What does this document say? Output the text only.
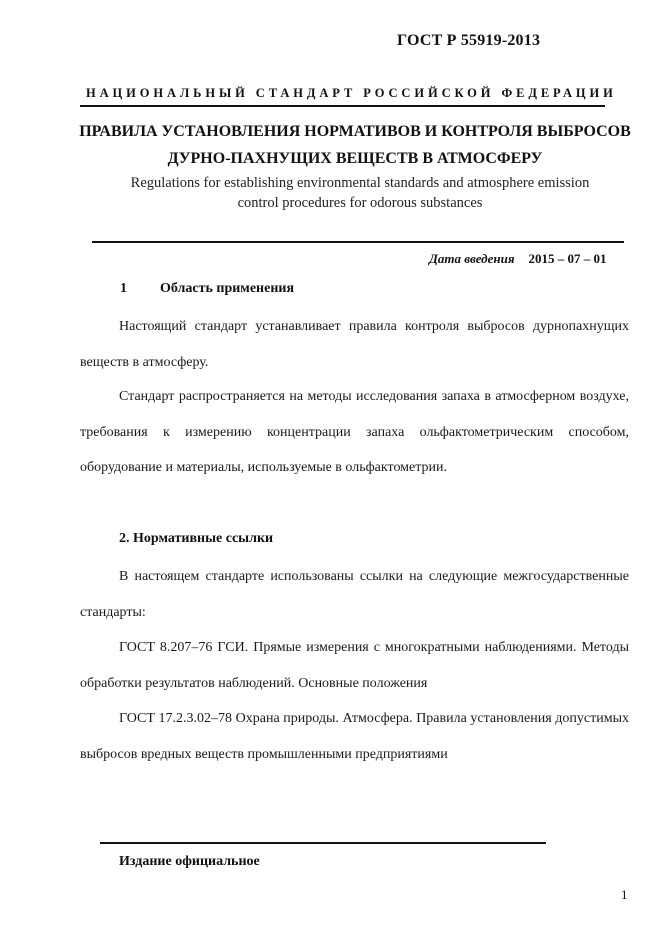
ГОСТ Р 55919-2013
НАЦИОНАЛЬНЫЙ СТАНДАРТ РОССИЙСКОЙ ФЕДЕРАЦИИ
ПРАВИЛА УСТАНОВЛЕНИЯ НОРМАТИВОВ И КОНТРОЛЯ ВЫБРОСОВ
ДУРНО-ПАХНУЩИХ ВЕЩЕСТВ В АТМОСФЕРУ
Regulations for establishing environmental standards and atmosphere emission
control procedures for odorous substances
Дата введения 2015 – 07 – 01
1 Область применения
Настоящий стандарт устанавливает правила контроля выбросов дурнопахнущих веществ в атмосферу.
Стандарт распространяется на методы исследования запаха в атмосферном воздухе, требования к измерению концентрации запаха ольфактометрическим способом, оборудование и материалы, используемые в ольфактометрии.
2. Нормативные ссылки
В настоящем стандарте использованы ссылки на следующие межгосударственные стандарты:
ГОСТ 8.207–76 ГСИ. Прямые измерения с многократными наблюдениями. Методы обработки результатов наблюдений. Основные положения
ГОСТ 17.2.3.02–78 Охрана природы. Атмосфера. Правила установления допустимых выбросов вредных веществ промышленными предприятиями
Издание официальное
1
